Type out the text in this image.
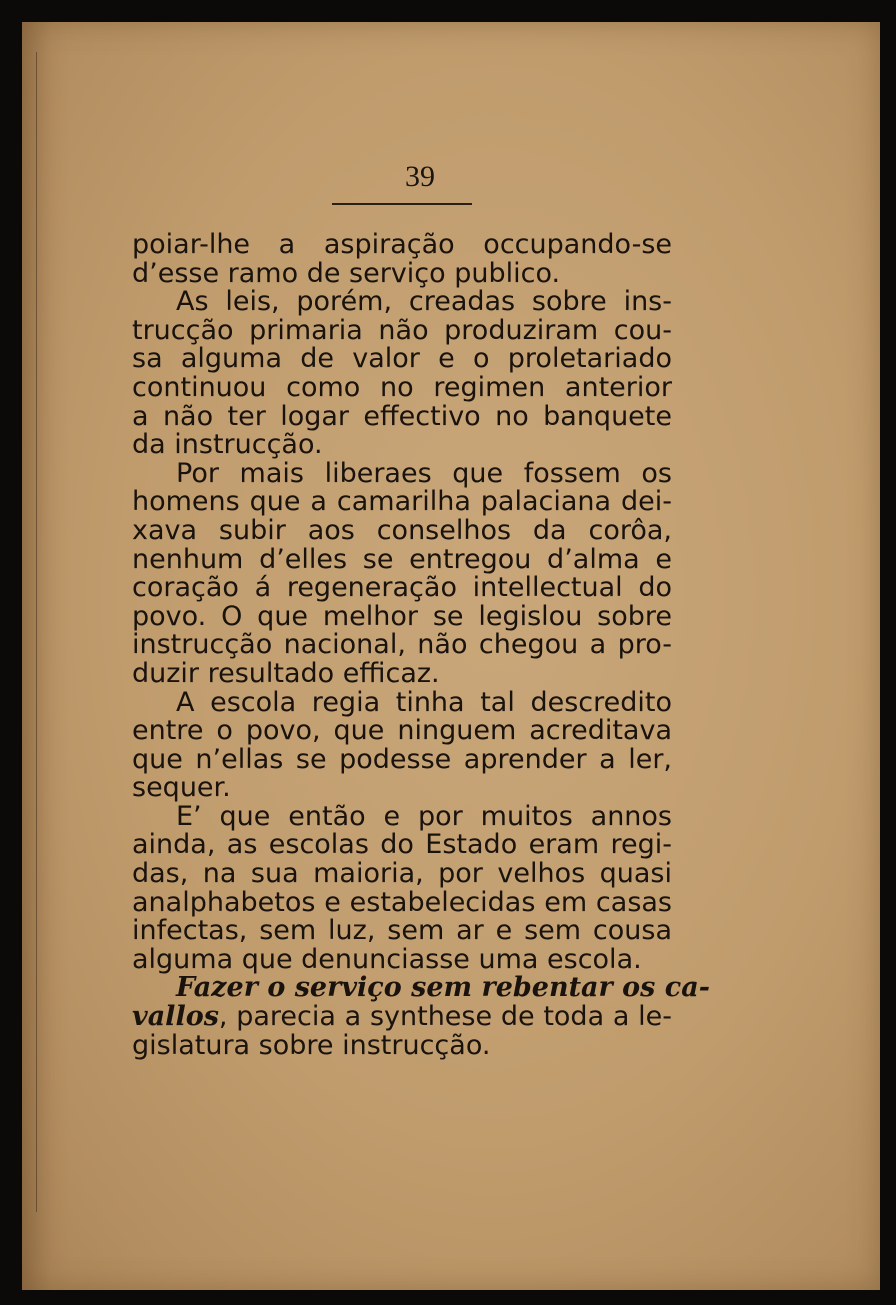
39
poiar-lhe a aspiração occupando-se
d’esse ramo de serviço publico.
As leis, porém, creadas sobre ins-
trucção primaria não produziram cou-
sa alguma de valor e o proletariado
continuou como no regimen anterior
a não ter logar effectivo no banquete
da instrucção.
Por mais liberaes que fossem os
homens que a camarilha palaciana dei-
xava subir aos conselhos da corôa,
nenhum d’elles se entregou d’alma e
coração á regeneração intellectual do
povo. O que melhor se legislou sobre
instrucção nacional, não chegou a pro-
duzir resultado efficaz.
A escola regia tinha tal descredito
entre o povo, que ninguem acreditava
que n’ellas se podesse aprender a ler,
sequer.
E’ que então e por muitos annos
ainda, as escolas do Estado eram regi-
das, na sua maioria, por velhos quasi
analphabetos e estabelecidas em casas
infectas, sem luz, sem ar e sem cousa
alguma que denunciasse uma escola.
Fazer o serviço sem rebentar os ca-
vallos, parecia a synthese de toda a le-
gislatura sobre instrucção.
